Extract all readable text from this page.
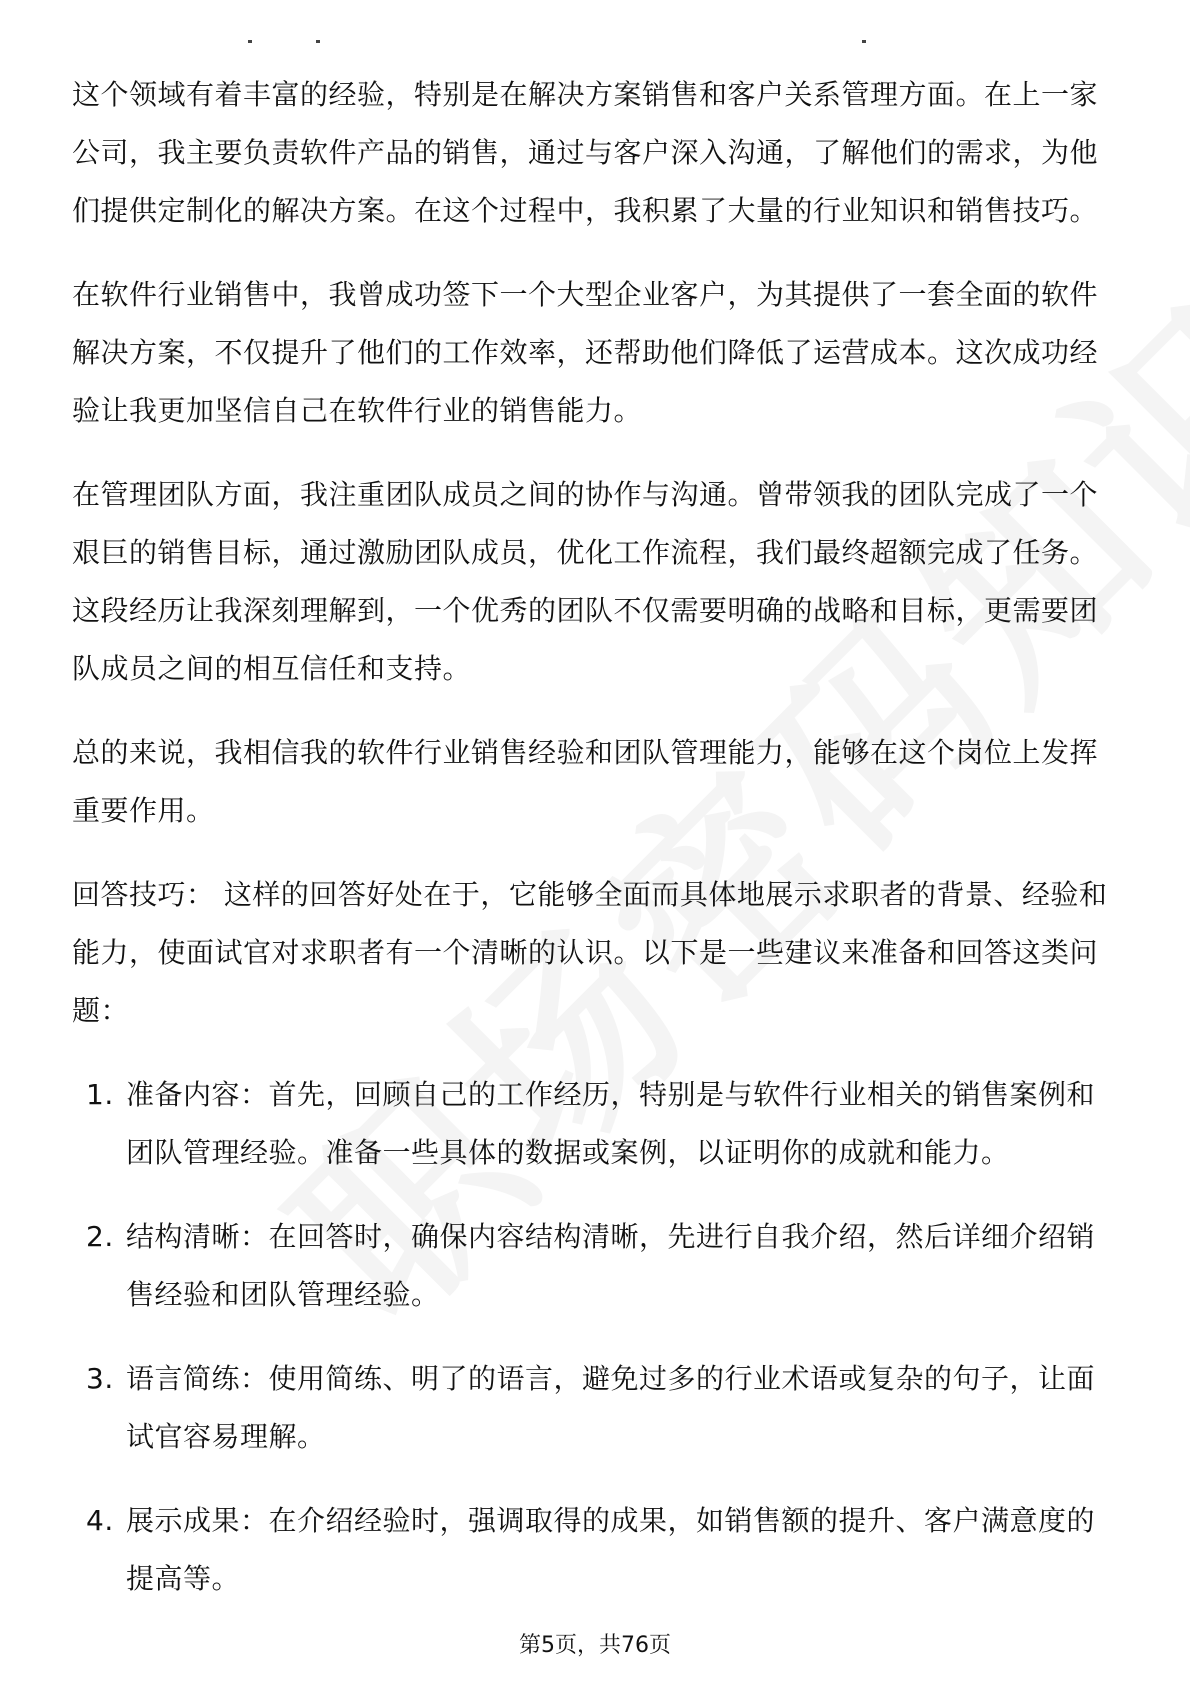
这个领域有着丰富的经验，特别是在解决方案销售和客户关系管理方面。在上一家公司，我主要负责软件产品的销售，通过与客户深入沟通，了解他们的需求，为他们提供定制化的解决方案。在这个过程中，我积累了大量的行业知识和销售技巧。

在软件行业销售中，我曾成功签下一个大型企业客户，为其提供了一套全面的软件解决方案，不仅提升了他们的工作效率，还帮助他们降低了运营成本。这次成功经验让我更加坚信自己在软件行业的销售能力。

在管理团队方面，我注重团队成员之间的协作与沟通。曾带领我的团队完成了一个艰巨的销售目标，通过激励团队成员，优化工作流程，我们最终超额完成了任务。这段经历让我深刻理解到，一个优秀的团队不仅需要明确的战略和目标，更需要团队成员之间的相互信任和支持。

总的来说，我相信我的软件行业销售经验和团队管理能力，能够在这个岗位上发挥重要作用。

回答技巧： 这样的回答好处在于，它能够全面而具体地展示求职者的背景、经验和能力，使面试官对求职者有一个清晰的认识。以下是一些建议来准备和回答这类问题：

1. 准备内容：首先，回顾自己的工作经历，特别是与软件行业相关的销售案例和团队管理经验。准备一些具体的数据或案例，以证明你的成就和能力。
2. 结构清晰：在回答时，确保内容结构清晰，先进行自我介绍，然后详细介绍销售经验和团队管理经验。
3. 语言简练：使用简练、明了的语言，避免过多的行业术语或复杂的句子，让面试官容易理解。
4. 展示成果：在介绍经验时，强调取得的成果，如销售额的提升、客户满意度的提高等。
第5页，共76页
